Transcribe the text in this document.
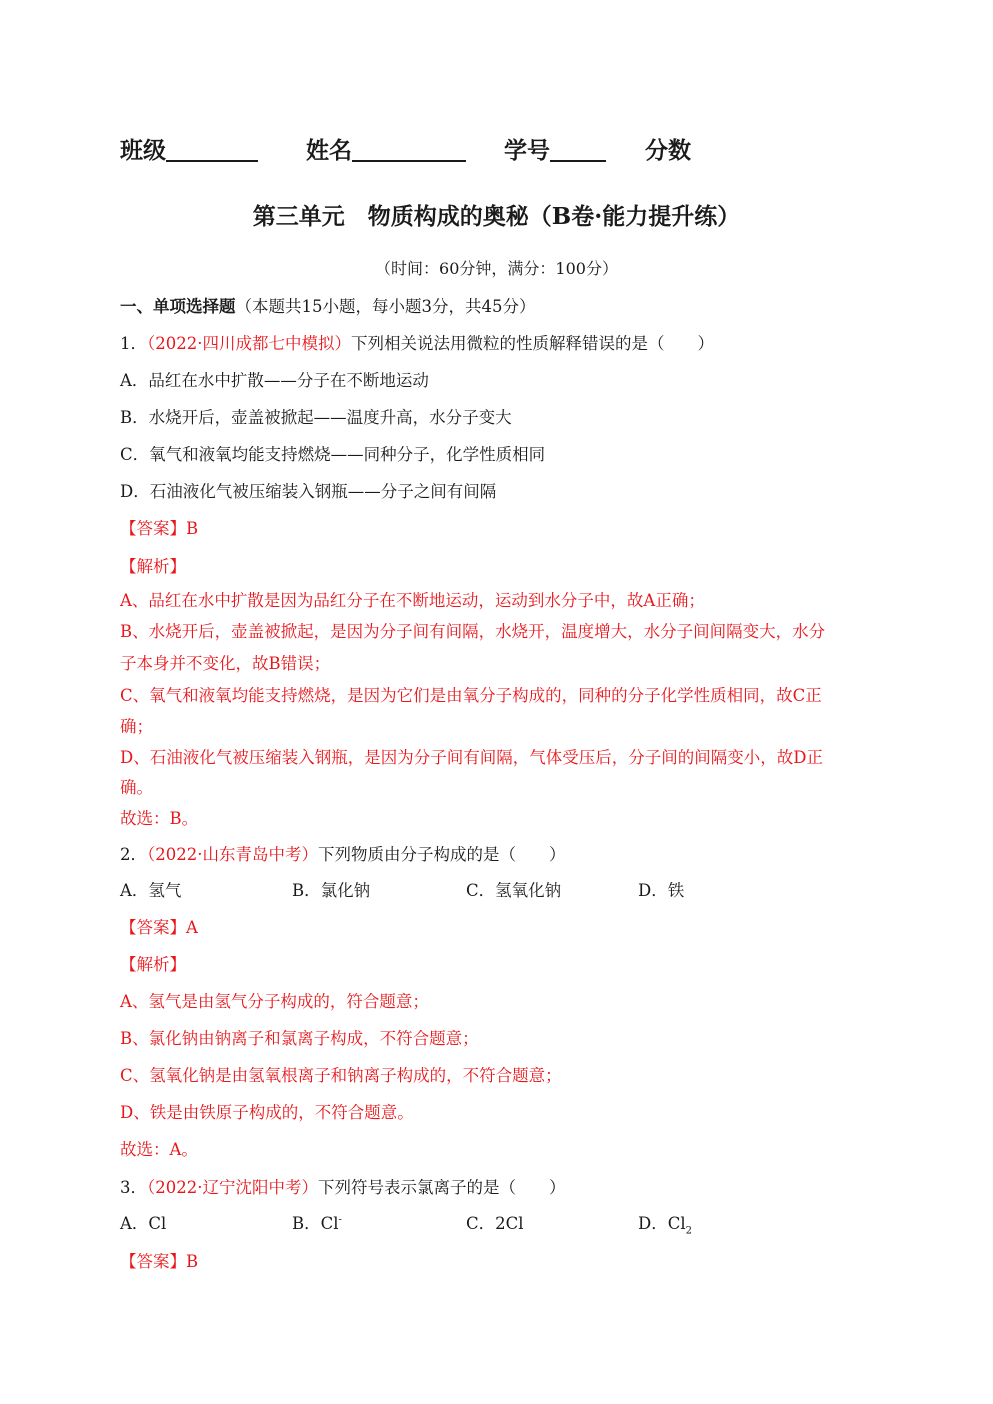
班级	姓名	学号	分数
第三单元　物质构成的奥秘（B卷·能力提升练）
（时间：60分钟，满分：100分）
一、单项选择题（本题共15小题，每小题3分，共45分）
1．（2022·四川成都七中模拟）下列相关说法用微粒的性质解释错误的是（　　）
A．品红在水中扩散——分子在不断地运动
B．水烧开后，壶盖被掀起——温度升高，水分子变大
C．氧气和液氧均能支持燃烧——同种分子，化学性质相同
D．石油液化气被压缩装入钢瓶——分子之间有间隔
【答案】B
【解析】
A、品红在水中扩散是因为品红分子在不断地运动，运动到水分子中，故A正确；
B、水烧开后，壶盖被掀起，是因为分子间有间隔，水烧开，温度增大，水分子间间隔变大，水分
子本身并不变化，故B错误；
C、氧气和液氧均能支持燃烧，是因为它们是由氧分子构成的，同种的分子化学性质相同，故C正
确；
D、石油液化气被压缩装入钢瓶，是因为分子间有间隔，气体受压后，分子间的间隔变小，故D正
确。
故选：B。
2．（2022·山东青岛中考）下列物质由分子构成的是（　　）
A．氢气	B．氯化钠	C．氢氧化钠	D．铁
【答案】A
【解析】
A、氢气是由氢气分子构成的，符合题意；
B、氯化钠由钠离子和氯离子构成，不符合题意；
C、氢氧化钠是由氢氧根离子和钠离子构成的，不符合题意；
D、铁是由铁原子构成的，不符合题意。
故选：A。
3．（2022·辽宁沈阳中考）下列符号表示氯离子的是（　　）
A．Cl	B．Cl-	C．2Cl	D．$Cl_2$
【答案】B
